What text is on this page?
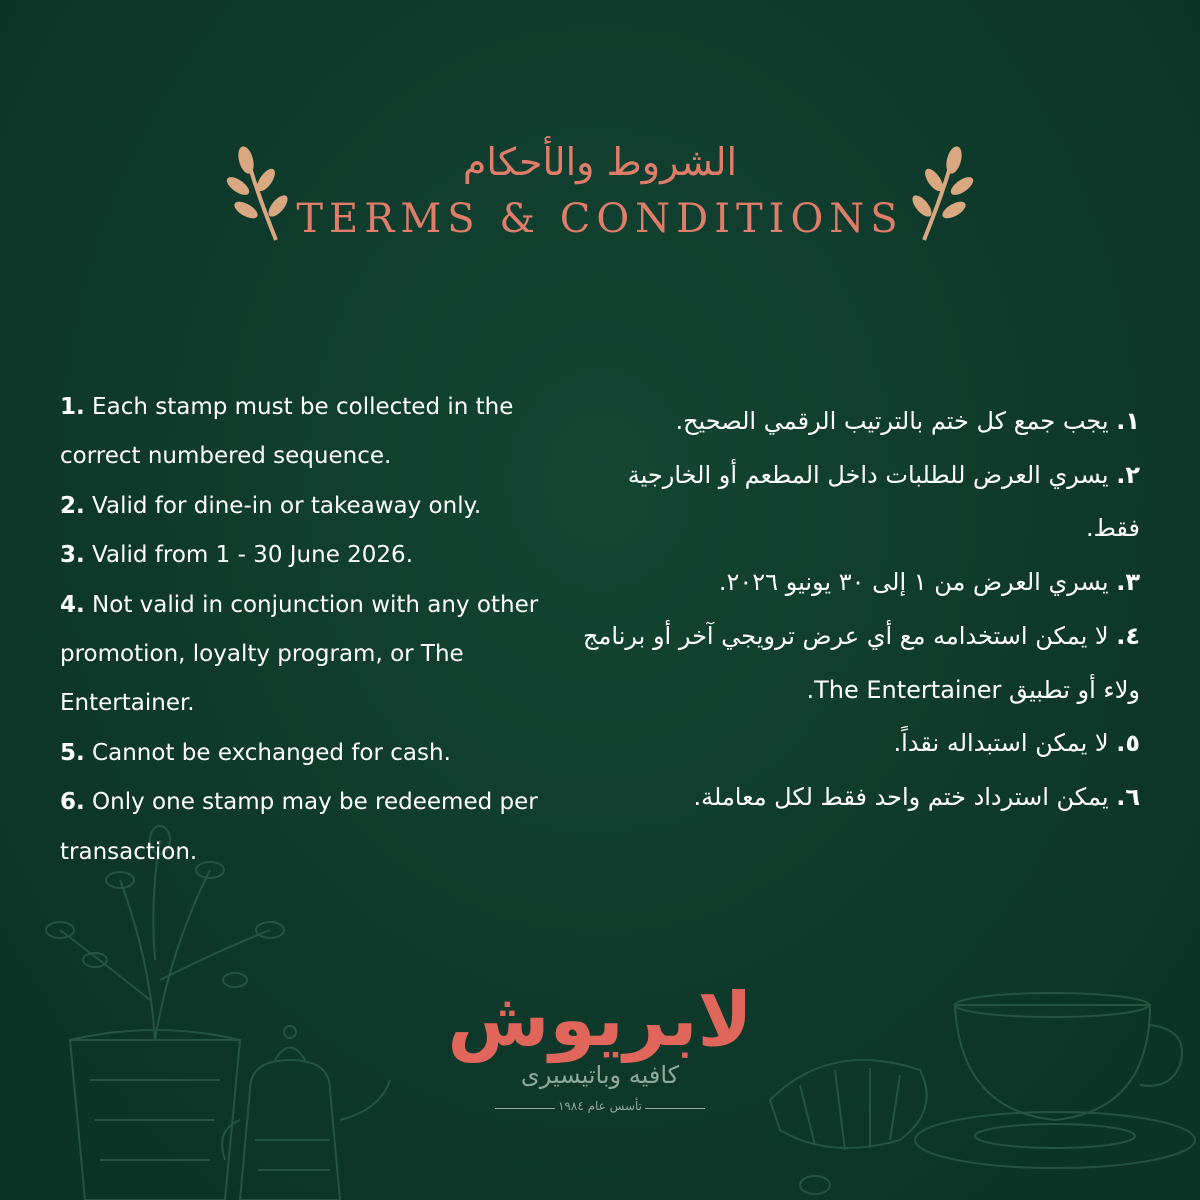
الشروط والأحكام
TERMS & CONDITIONS
1. Each stamp must be collected in the correct numbered sequence.
2. Valid for dine-in or takeaway only.
3. Valid from 1 - 30 June 2026.
4. Not valid in conjunction with any other promotion, loyalty program, or The Entertainer.
5. Cannot be exchanged for cash.
6. Only one stamp may be redeemed per transaction.
١. يجب جمع كل ختم بالترتيب الرقمي الصحيح.
٢. يسري العرض للطلبات داخل المطعم أو الخارجية فقط.
٣. يسري العرض من ١ إلى ٣٠ يونيو ٢٠٢٦.
٤. لا يمكن استخدامه مع أي عرض ترويجي آخر أو برنامج ولاء أو تطبيق The Entertainer.
٥. لا يمكن استبداله نقداً.
٦. يمكن استرداد ختم واحد فقط لكل معاملة.
لابريوش
كافيه وباتيسيرى
تأسس عام ١٩٨٤
